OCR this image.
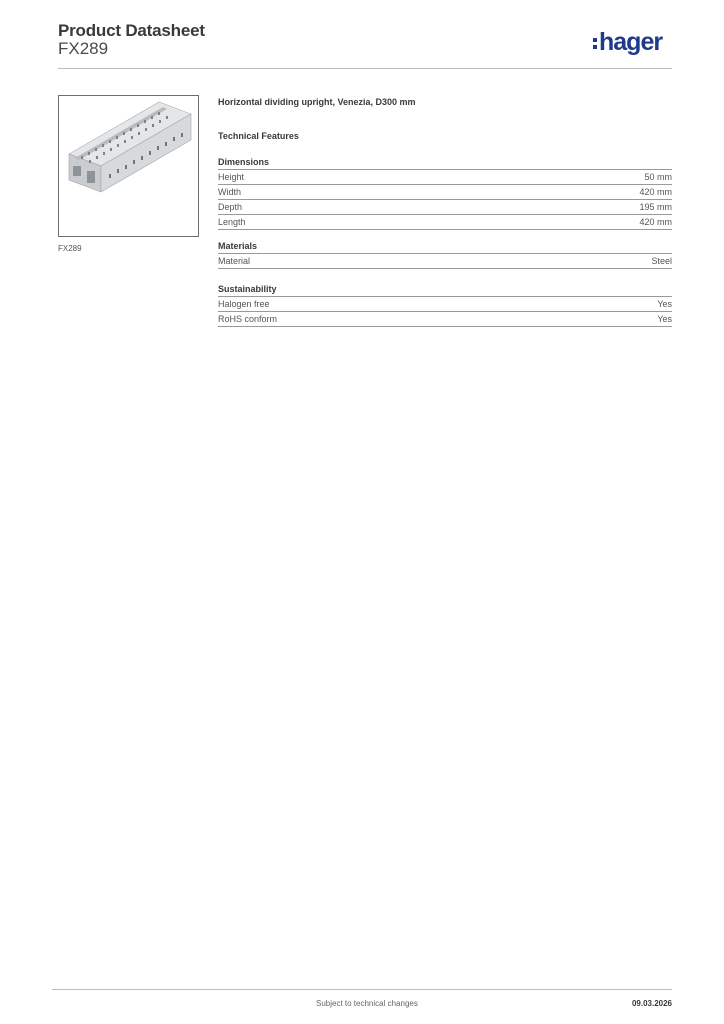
Product Datasheet
FX289	hager
FX289
Horizontal dividing upright, Venezia, D300 mm
Technical Features
Dimensions
Height	50 mm
Width	420 mm
Depth	195 mm
Length	420 mm
Materials
Material	Steel
Sustainability
Halogen free	Yes
RoHS conform	Yes
Subject to technical changes	09.03.2026
